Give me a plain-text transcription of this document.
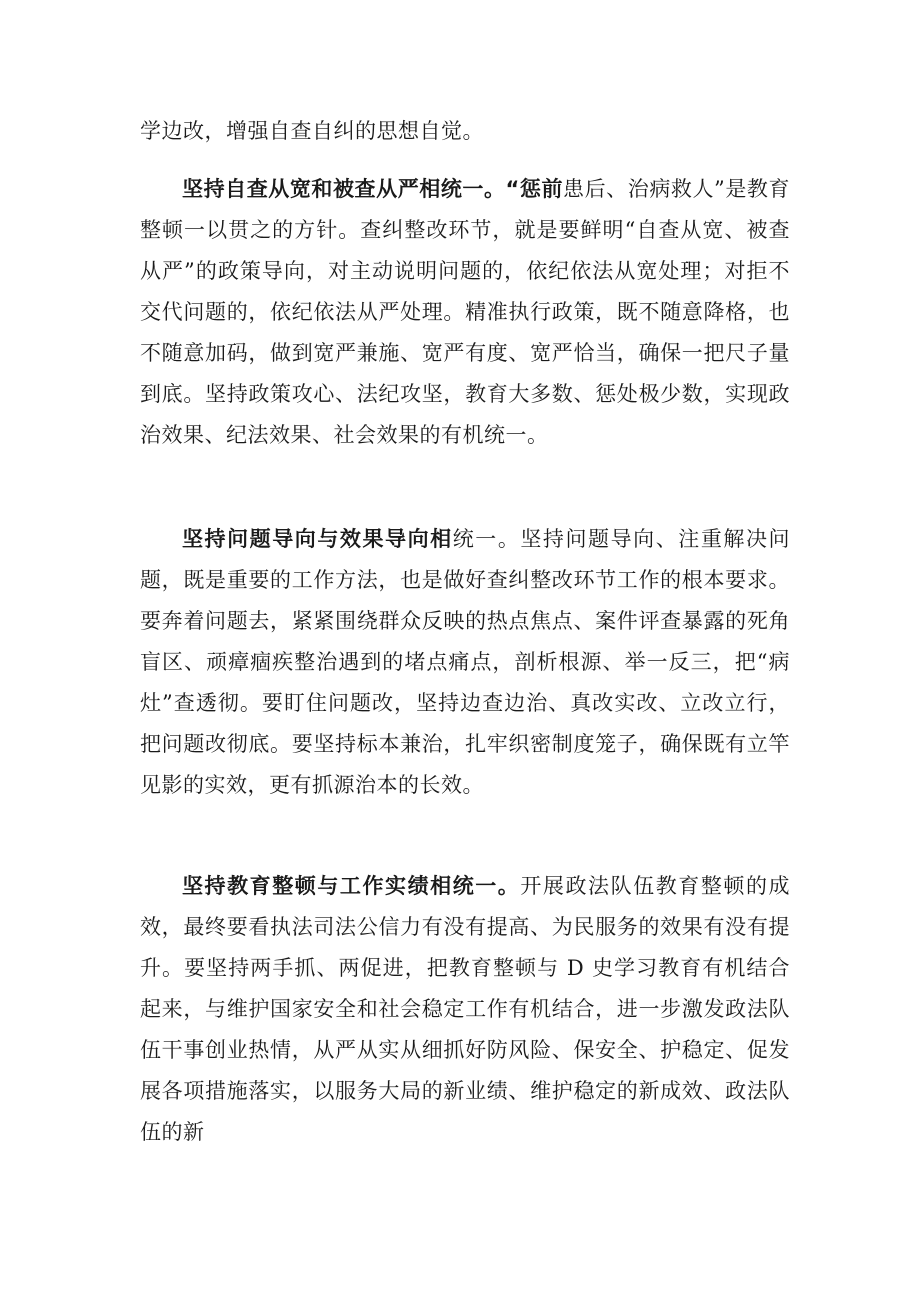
学边改，增强自查自纠的思想自觉。

坚持自查从宽和被查从严相统一。“惩前患后、治病救人”是教育整顿一以贯之的方针。查纠整改环节，就是要鲜明“自查从宽、被查从严”的政策导向，对主动说明问题的，依纪依法从宽处理；对拒不交代问题的，依纪依法从严处理。精准执行政策，既不随意降格，也不随意加码，做到宽严兼施、宽严有度、宽严恰当，确保一把尺子量到底。坚持政策攻心、法纪攻坚，教育大多数、惩处极少数，实现政治效果、纪法效果、社会效果的有机统一。

坚持问题导向与效果导向相统一。坚持问题导向、注重解决问题，既是重要的工作方法，也是做好查纠整改环节工作的根本要求。要奔着问题去，紧紧围绕群众反映的热点焦点、案件评查暴露的死角盲区、顽瘴痼疾整治遇到的堵点痛点，剖析根源、举一反三，把“病灶”查透彻。要盯住问题改，坚持边查边治、真改实改、立改立行，把问题改彻底。要坚持标本兼治，扎牢织密制度笼子，确保既有立竿见影的实效，更有抓源治本的长效。

坚持教育整顿与工作实绩相统一。开展政法队伍教育整顿的成效，最终要看执法司法公信力有没有提高、为民服务的效果有没有提升。要坚持两手抓、两促进，把教育整顿与 D 史学习教育有机结合起来，与维护国家安全和社会稳定工作有机结合，进一步激发政法队伍干事创业热情，从严从实从细抓好防风险、保安全、护稳定、促发展各项措施落实，以服务大局的新业绩、维护稳定的新成效、政法队伍的新
